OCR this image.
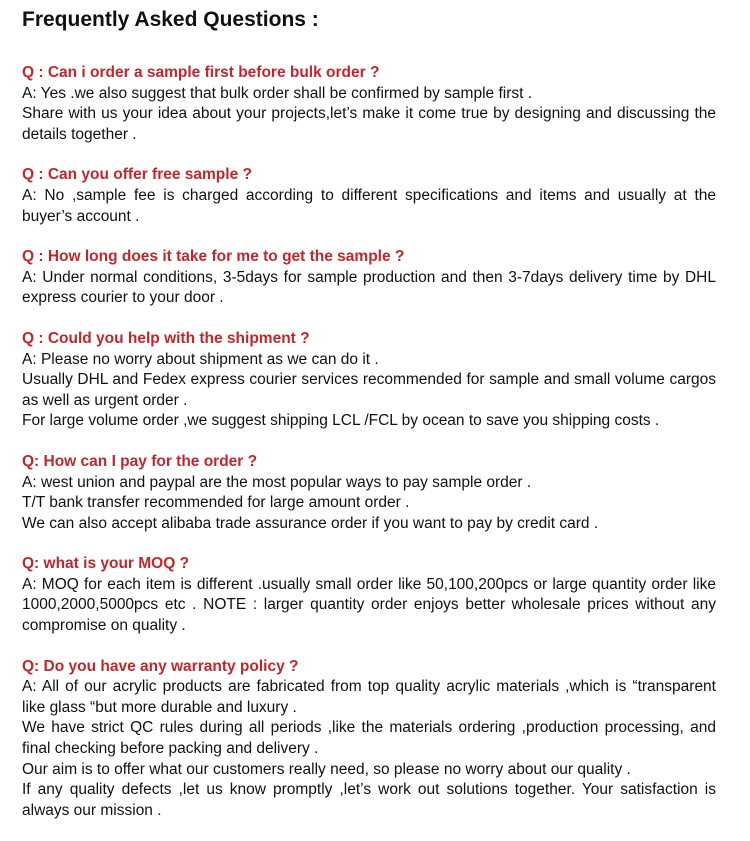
Frequently Asked Questions :
Q : Can i order a sample first before bulk order ?
A: Yes .we also suggest that bulk order shall be confirmed by sample first .
Share with us your idea about your projects,let’s make it come true by designing and discussing the details together .
Q : Can you offer free sample ?
A: No ,sample fee is charged according to different specifications and items and usually at the buyer’s account .
Q : How long does it take for me to get the sample ?
A: Under normal conditions, 3-5days for sample production and then 3-7days delivery time by DHL express courier to your door .
Q : Could you help with the shipment ?
A: Please no worry about shipment as we can do it .
Usually DHL and Fedex express courier services recommended for sample and small volume cargos as well as urgent order .
For large volume order ,we suggest shipping LCL /FCL by ocean to save you shipping costs .
Q: How can I pay for the order ?
A: west union and paypal are the most popular ways to pay sample order .
T/T bank transfer recommended for large amount order .
We can also accept alibaba trade assurance order if you want to pay by credit card .
Q: what is your MOQ ?
A: MOQ for each item is different .usually small order like 50,100,200pcs or large quantity order like 1000,2000,5000pcs etc . NOTE : larger quantity order enjoys better wholesale prices without any compromise on quality .
Q: Do you have any warranty policy ?
A: All of our acrylic products are fabricated from top quality acrylic materials ,which is “transparent like glass “but more durable and luxury .
We have strict QC rules during all periods ,like the materials ordering ,production processing, and final checking before packing and delivery .
Our aim is to offer what our customers really need, so please no worry about our quality .
If any quality defects ,let us know promptly ,let’s work out solutions together. Your satisfaction is always our mission .
